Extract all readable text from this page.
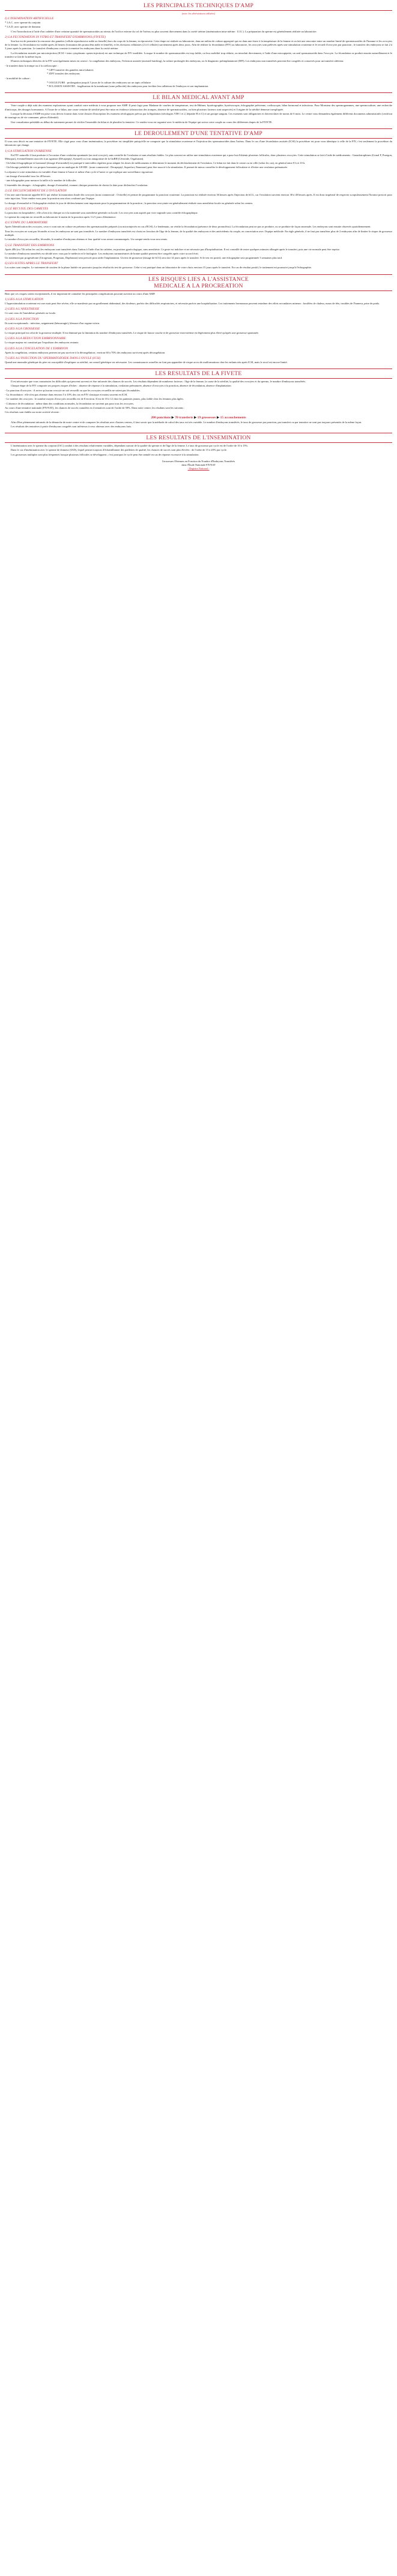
LES PRINCIPALES TECHNIQUES D'AMP
(avec les abréviations utilisées)
I) L'INSEMINATION ARTIFICIELLE

* I.A.C. avec sperme du conjoint

* I.A.D. avec sperme de donneur

C'est l'introduction à l'aide d'un cathéter d'une certaine quantité de spermatozoïdes au niveau de l'orifice externe du col de l'utérus ou plus souvent directement dans la cavité utérine (insémination intra-utérine : I.I.U.). La préparation du sperme est généralement réalisée au laboratoire.

2) LA FECONDATION IN VITRO ET TRANSFERT D'EMBRYONS (FIVETE)

Son but est de permettre la rencontre des gamètes (cellule reproductrice mâle ou femelle) hors du corps de la femme, en éprouvette. Cette étape est réalisée au laboratoire, dans un milieu de culture approprié qui est dans une étuve à la température de la femme et on fait une rencontre entre un nombre limité de spermatozoïdes de l'homme et les ovocytes de la femme. La fécondation est visible après 24 heures (formation des pronucléus mâle et femelle), et les divisions cellulaires (2 à 4 cellules) surviennent après deux jours. Afin de réaliser la fécondation (FIV) au laboratoire, les ovocytes sont prélevés après une stimulation ovarienne et le recueil d'ovocytes par ponction ; le transfert des embryons se fait 2 à 3 jours après la ponction. Le transfert d'embryons consiste à remettre les embryons dans la cavité utérine.

La fécondation assistée par microinjection (ICSI = intra cytoplasmic sperm injection) est une technique de FIV modifiée. Lorsque le nombre de spermatozoïdes est trop faible, ou leur mobilité trop réduite, on introduit directement, à l'aide d'une micropipette, un seul spermatozoïde dans l'ovocyte. La fécondation se produit ensuite naturellement et le transfert se fait de la même façon.

D'autres techniques dérivées de la FIV sont également mises en oeuvre : la congélation des embryons, l'éclosion assistée (assisted hatching), la culture prolongée des embryons, ou le diagnostic préimplantatoire (DPI). Les embryons non transférés peuvent être congelés et conservés pour un transfert ultérieur.

- le transfert dans la trompe ou à la coelioscopie :

* GIFT transfert des gamètes intra-tubaires
* ZIFT transfert des embryons

- la mobilité de culture :

* OOCULTURE : prolongation jusqu'à 5 jours de la culture des embryons sur un tapis cellulaire
* ECLOSION ASSISTEE : fragilisation de la membrane (zone pellucide) des embryons pour faciliter leur adhésion de l'embryon et son implantation.
LE BILAN MEDICAL AVANT AMP

Votre couple a déjà subi des examens explorateurs ayant conduit votre médecin à vous proposer une AMP. Il peut s'agir pour Madame de courbes de température, test de Hühner, hystérographie, hystéroscopie, échographie pelvienne, coelioscopie, bilan hormonal et infectieux. Pour Monsieur des spermogrammes, une spermoculture, une recherche d'anticorps, des dosages hormonaux. A l'issue de ce bilan, une cause certaine de stérilité peut être mise en évidence (obstruction des trompes, absence de spermatozoïdes, ou bien plusieurs facteurs sont suspectés) et l'origine de la stérilité demeure inexpliquée.

Lorsque la décision d'AMP est prise vous devrez fournir dans votre dossier d'inscription les examens sérologiques prévus par la législation (sérologies VIH 1 et 2, hépatite B et C) et un groupe sanguin. Ces examens sont obligatoires et doivent dater de moins de 6 mois. Le centre vous demandera également différents documents administratifs (certificat de mariage ou de vie commune, pièces d'identité).

Une consultation préalable au début du traitement permet de vérifier l'ensemble du bilan et de planifier la tentative. Ce rendez-vous est organisé avec le médecin de l'équipe qui suivra votre couple au cours des différentes étapes de la FIVETE.

LE DEROULEMENT D'UNE TENTATIVE D'AMP

Il vous sera décrit en une tentative de FIVETE. Elle s'agit pour vous d'une insémination, la procédure est simplifiée puisqu'elle ne comporte que la stimulation ovarienne et l'injection des spermatozoïdes dans l'utérus. Dans le cas d'une fécondation assistée (ICSI) la procédure est pour vous identique à celle de la FIV, c'est seulement la procédure du laboratoire qui change.

1) LA STIMULATION OVARIENNE

En FIV naturelle il faut produire à l'occasion d'une ovulation spontanée (un seul ovocyte), sans contrôle de l'ovulation et sans résultats fiables. Le plus souvent on utilise une stimulation ovarienne qui a pour but d'obtenir plusieurs follicules, donc plusieurs ovocytes. Cette stimulation se fait à l'aide de médicaments : Gonadotrophines (Gonal F, Puregon, Ménopur), éventuellement associés à un agoniste (Décapeptyl, Synarel) ou à un antagoniste de la GnRH (Cétrotide, Orgalutran).

- Un bilan échographique et hormonal (dosage d'oestradiol) est pratiqué à intervalles réguliers pour adapter les doses de médicaments et déterminer le moment du déclenchement de l'ovulation. Ce bilan est fait dans le centre ou en ville (selon les cas), en général entre 8 h et 10 h.

- Un blocage préalable de vos propres hormones par un analogue de LH-RH : (nom commercial : Decapeptyl, Suprefact, Enantone) peut être associé à la stimulation. Il permet de mieux contrôler le développement folliculaire et d'éviter une ovulation prématurée.

La réponse à votre stimulation est variable d'une femme à l'autre et même d'un cycle à l'autre ce qui explique une surveillance rigoureuse.

- un dosage d'oestradiol tous les 48 heures

- une échographie pour mesurer la taille et le nombre de follicules

L'ensemble des dosages : échographie, dosage d'oestradiol, examen clinique permettra de choisir la date pour déclencher l'ovulation.

2) LE DECLENCHEMENT DE L'OVULATION

C'est une autre hormone appelée hCG qui réalise la maturation finale des ovocytes (nom commercial : Ovitrelle) et permet de programmer la ponction ovarienne. La ponction est réalisée environ 36 heures après l'injection de hCG, car l'ovulation survient environ 38 à 40 heures après. Il est donc impératif de respecter scrupuleusement l'horaire prescrit pour cette injection. Votre rendez-vous pour la ponction sera alors confirmé par l'équipe.

Le dosage d'oestradiol et l'échographie réalisés le jour de déclenchement sont importants pour la programmation de la ponction ; la ponction ovocytaire est généralement réalisée sous anesthésie locale ou générale selon les centres.

3) LE RECUEIL DES GAMETES

La ponction est hospitalière ; elle a lieu à la clinique ou à la maternité sous anesthésie générale ou locale. Les ovocytes sont aspirés par voie vaginale sous contrôle échographique.

Le sperme du conjoint est recueilli au laboratoire le matin de la ponction après 3 à 5 jours d'abstinence.

4) L'ETAPE DU LABORATOIRE

Après l'identification des ovocytes, ceux-ci sont mis en culture en présence des spermatozoïdes préparés (ou microinjectés en cas d'ICSI). Le lendemain, on vérifie la fécondation (présence de deux pronucléus). La fécondation peut ne pas se produire, ou se produire de façon anormale. Les embryons sont ensuite observés quotidiennement.

Tous les ovocytes ne sont pas fécondés et tous les embryons ne sont pas transférés. Le nombre d'embryons transférés est choisi en fonction de l'âge de la femme, de la qualité des embryons et des antécédents du couple, en concertation avec l'équipe médicale. En règle générale, il ne faut pas transférer plus de 2 embryons afin de limiter le risque de grossesse multiple.

Le nombre d'ovocytes recueillis, fécondés, le nombre d'embryons obtenus et leur qualité vous seront communiqués. Un compte-rendu vous sera remis.

5) LE TRANSFERT DES EMBRYONS

Après 48h (ou 72h selon les cas) les embryons sont transférés dans l'utérus à l'aide d'un fin cathéter, en position gynécologique, sans anesthésie. Ce geste est indolore et ne nécessite pas d'hospitalisation. Il est conseillé de rester quelques minutes allongée après le transfert, puis une vie normale peut être reprise.

Le nombre d'embryons transférés est décidé avec vous par le médecin et le biologiste. Les embryons surnuméraires de bonne qualité peuvent être congelés après votre accord écrit.

Un traitement par progestérone (Utrogestan, Progestan, Duphaston) sera prescrit pour aider l'implantation. Un test de grossesse (dosage de hCG) sera fait 14 jours après le transfert. Si le test est positif, une échographie sera programmée 3 semaines plus tard.

6) LES SUITES APRES LE TRANSFERT

Les suites sont simples. Le traitement de soutien de la phase lutéale est poursuivi jusqu'au résultat du test de grossesse. Celui-ci est pratiqué dans un laboratoire de votre choix environ 15 jours après le transfert. En cas de résultat positif, le traitement est poursuivi jusqu'à l'échographie.

LES RISQUES LIES A L'ASSISTANCE
MEDICALE A LA PROCREATION

Bien que ces risques soient exceptionnels, il est important de connaître les principales complications pouvant survenir au cours d'une AMP.

1) LIES A LA STIMULATION

L'hyperstimulation ovarienne est rare mais peut être sévère, elle se manifeste par un gonflement abdominal, des douleurs, parfois des difficultés respiratoires, et nécessite parfois une hospitalisation. Les traitements hormonaux peuvent entraîner des effets secondaires mineurs : bouffées de chaleur, maux de tête, troubles de l'humeur, prise de poids.

2) LIES A L'ANESTHESIE

Ce sont ceux de l'anesthésie générale ou locale.

3) LIES A LA PONCTION

Ils sont exceptionnels : infection, saignement (hémorragie), blessure d'un organe voisin.

4) LIES A LA GROSSESSE

Le risque principal est celui de la grossesse multiple. Il est diminué par la limitation du nombre d'embryons transférés. Le risque de fausse couche et de grossesse extra-utérine est légèrement plus élevé qu'après une grossesse spontanée.

5) LIES A LA REDUCTION EMBRYONNAIRE

Le risque majeur est constitué par l'expulsion des embryons restants.

6) LIES A LA CONGELATION DE L'EMBRYON

Après la congélation, certains embryons peuvent ne pas survivre à la décongélation ; environ 60 à 70% des embryons survivent après décongélation.

7) LIES A L'INJECTION DU SPERMATOZOIDE DANS L'OVULE (ICSI)

Quand une anomalie génétique du père est susceptible d'expliquer sa stérilité, un conseil génétique est nécessaire. Les connaissances actuelles ne font pas apparaître de risque accru de malformations chez les enfants nés après ICSI, mais le recul est encore limité.

LES RESULTATS DE LA FIVETE

Il est nécessaire que vous connaissiez les difficultés qui peuvent survenir et être informés des chances de succès. Les résultats dépendent de nombreux facteurs : l'âge de la femme, la cause de la stérilité, la qualité des ovocytes et du sperme, le nombre d'embryons transférés.

Chaque étape de la FIV comporte ses propres risques d'échec : absence de réponse à la stimulation, ovulation prématurée, absence d'ovocytes à la ponction, absence de fécondation, absence d'implantation.

- La ponction d'ovocytes : il arrive qu'aucun ovocyte ne soit recueilli ou que les ovocytes recueillis ne soient pas fécondables.

- La fécondation : elle n'est pas obtenue dans environ 5 à 10% des cas en FIV classique et moins souvent en ICSI.

- Le nombre des ovocytes : le nombre moyen d'ovocytes recueillis est de 8 environ. Il est de 10 à 12 chez les patientes jeunes, plus faible chez les femmes plus âgées.

- L'absence de fécondation : même dans des conditions normales, la fécondation ne survient pas pour tous les ovocytes.

Au cours d'une tentative nationale (FIVNAT), les chances de succès cumulées en 4 tentatives sont de l'ordre de 50%. Dans notre centre, les résultats sont les suivants :

Ces résultats sont établis sur notre activité récente :

200 ponctions ▶ 70 transferts ▶ 19 grossesses ▶ 15 accouchements

Afin d'être pleinement informés de la démarche de notre centre et de comparer les résultats avec d'autres centres, il faut savoir que la méthode de calcul des taux est très variable. Le nombre d'embryons transférés, le taux de grossesse par ponction, par transfert ou par tentative ne sont pas toujours présentés de la même façon.

Les résultats des tentatives à partir d'embryons congelés sont inférieurs à ceux obtenus avec des embryons frais.

LES RESULTATS DE L'INSEMINATION

L'insémination avec le sperme du conjoint (IAC) conduit à des résultats relativement variables, dépendant surtout de la qualité du sperme et de l'âge de la femme. Le taux de grossesse par cycle est de l'ordre de 10 à 15%.

Dans le cas d'insémination avec le sperme de donneur (IAD), lequel permet toujours d'échantillonner des paillettes de qualité, les chances de succès sont plus élevées : de l'ordre de 15 à 20% par cycle.

Les grossesses multiples sont plus fréquentes lorsque plusieurs follicules se développent ; c'est pourquoi le cycle peut être annulé en cas de réponse excessive à la stimulation.

Grossesses Obtenues en Fonction du Nombre d'Embryons Transférés
dans l'Étude Nationale FIVNAT
- Registre National -
